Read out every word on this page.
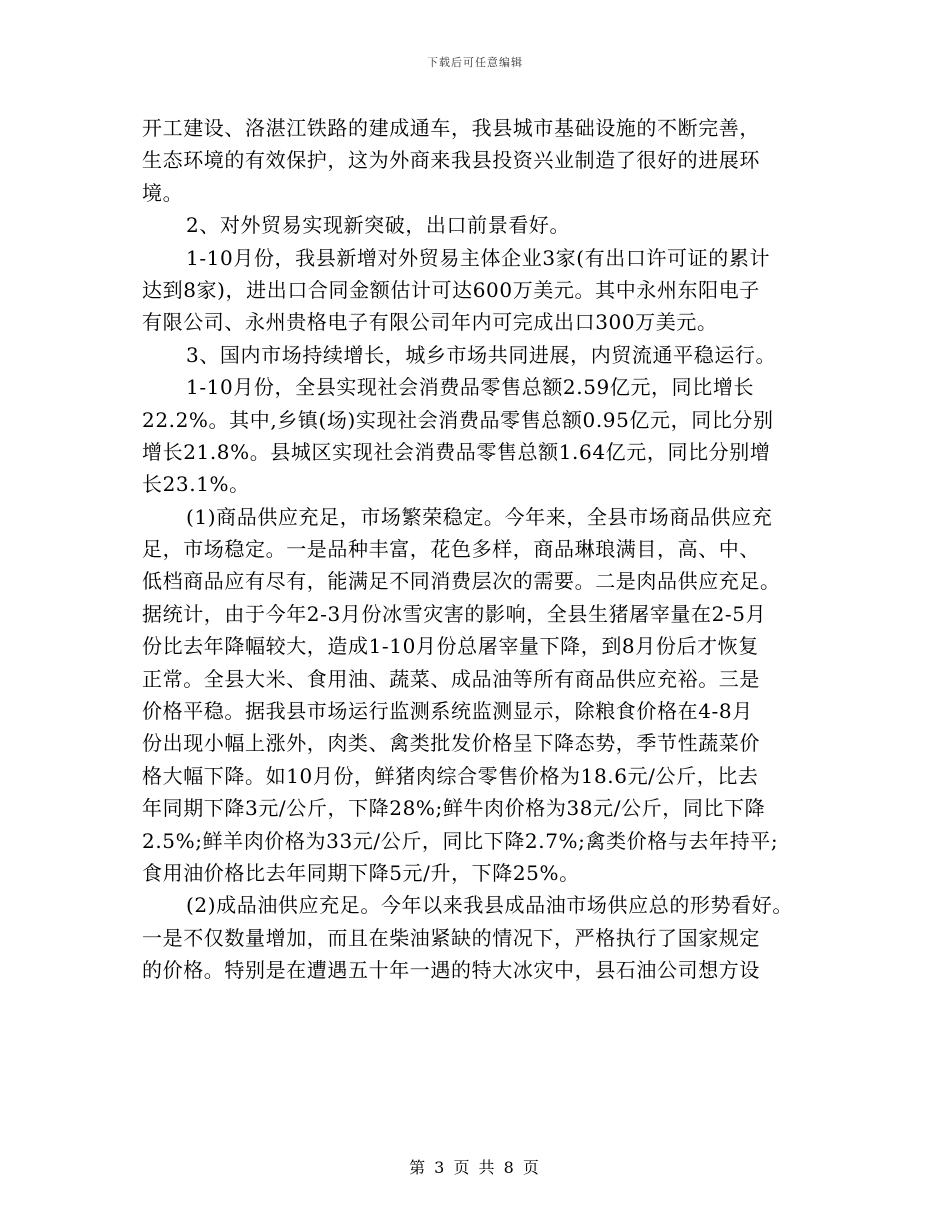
下载后可任意编辑
开工建设、洛湛江铁路的建成通车，我县城市基础设施的不断完善，
生态环境的有效保护，这为外商来我县投资兴业制造了很好的进展环
境。
2、对外贸易实现新突破，出口前景看好。
1-10月份，我县新增对外贸易主体企业3家(有出口许可证的累计
达到8家)，进出口合同金额估计可达600万美元。其中永州东阳电子
有限公司、永州贵格电子有限公司年内可完成出口300万美元。
3、国内市场持续增长，城乡市场共同进展，内贸流通平稳运行。
1-10月份，全县实现社会消费品零售总额2.59亿元，同比增长
22.2%。其中,乡镇(场)实现社会消费品零售总额0.95亿元，同比分别
增长21.8%。县城区实现社会消费品零售总额1.64亿元，同比分别增
长23.1%。
(1)商品供应充足，市场繁荣稳定。今年来，全县市场商品供应充
足，市场稳定。一是品种丰富，花色多样，商品琳琅满目，高、中、
低档商品应有尽有，能满足不同消费层次的需要。二是肉品供应充足。
据统计，由于今年2-3月份冰雪灾害的影响，全县生猪屠宰量在2-5月
份比去年降幅较大，造成1-10月份总屠宰量下降，到8月份后才恢复
正常。全县大米、食用油、蔬菜、成品油等所有商品供应充裕。三是
价格平稳。据我县市场运行监测系统监测显示，除粮食价格在4-8月
份出现小幅上涨外，肉类、禽类批发价格呈下降态势，季节性蔬菜价
格大幅下降。如10月份，鲜猪肉综合零售价格为18.6元/公斤，比去
年同期下降3元/公斤，下降28%;鲜牛肉价格为38元/公斤，同比下降
2.5%;鲜羊肉价格为33元/公斤，同比下降2.7%;禽类价格与去年持平;
食用油价格比去年同期下降5元/升，下降25%。
(2)成品油供应充足。今年以来我县成品油市场供应总的形势看好。
一是不仅数量增加，而且在柴油紧缺的情况下，严格执行了国家规定
的价格。特别是在遭遇五十年一遇的特大冰灾中，县石油公司想方设
第 3 页 共 8 页
